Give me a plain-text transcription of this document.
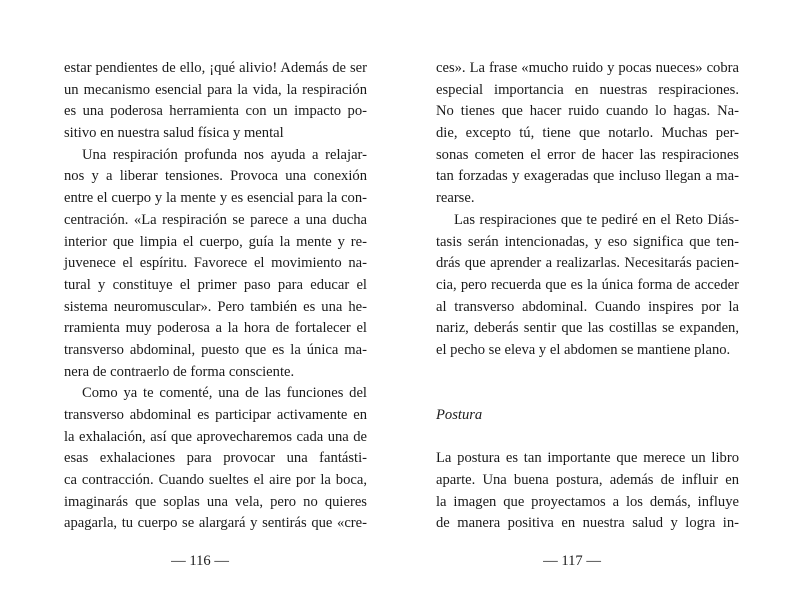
estar pendientes de ello, ¡qué alivio! Además de ser
un mecanismo esencial para la vida, la respiración
es una poderosa herramienta con un impacto po-
sitivo en nuestra salud física y mental
Una respiración profunda nos ayuda a relajar-
nos y a liberar tensiones. Provoca una conexión
entre el cuerpo y la mente y es esencial para la con-
centración. «La respiración se parece a una ducha
interior que limpia el cuerpo, guía la mente y re-
juvenece el espíritu. Favorece el movimiento na-
tural y constituye el primer paso para educar el
sistema neuromuscular». Pero también es una he-
rramienta muy poderosa a la hora de fortalecer el
transverso abdominal, puesto que es la única ma-
nera de contraerlo de forma consciente.
Como ya te comenté, una de las funciones del
transverso abdominal es participar activamente en
la exhalación, así que aprovecharemos cada una de
esas exhalaciones para provocar una fantásti-
ca contracción. Cuando sueltes el aire por la boca,
imaginarás que soplas una vela, pero no quieres
apagarla, tu cuerpo se alargará y sentirás que «cre-
— 116 —
ces». La frase «mucho ruido y pocas nueces» cobra
especial importancia en nuestras respiraciones.
No tienes que hacer ruido cuando lo hagas. Na-
die, excepto tú, tiene que notarlo. Muchas per-
sonas cometen el error de hacer las respiraciones
tan forzadas y exageradas que incluso llegan a ma-
rearse.
Las respiraciones que te pediré en el Reto Diás-
tasis serán intencionadas, y eso significa que ten-
drás que aprender a realizarlas. Necesitarás pacien-
cia, pero recuerda que es la única forma de acceder
al transverso abdominal. Cuando inspires por la
nariz, deberás sentir que las costillas se expanden,
el pecho se eleva y el abdomen se mantiene plano.
Postura
La postura es tan importante que merece un libro
aparte. Una buena postura, además de influir en
la imagen que proyectamos a los demás, influye
de manera positiva en nuestra salud y logra in-
— 117 —
